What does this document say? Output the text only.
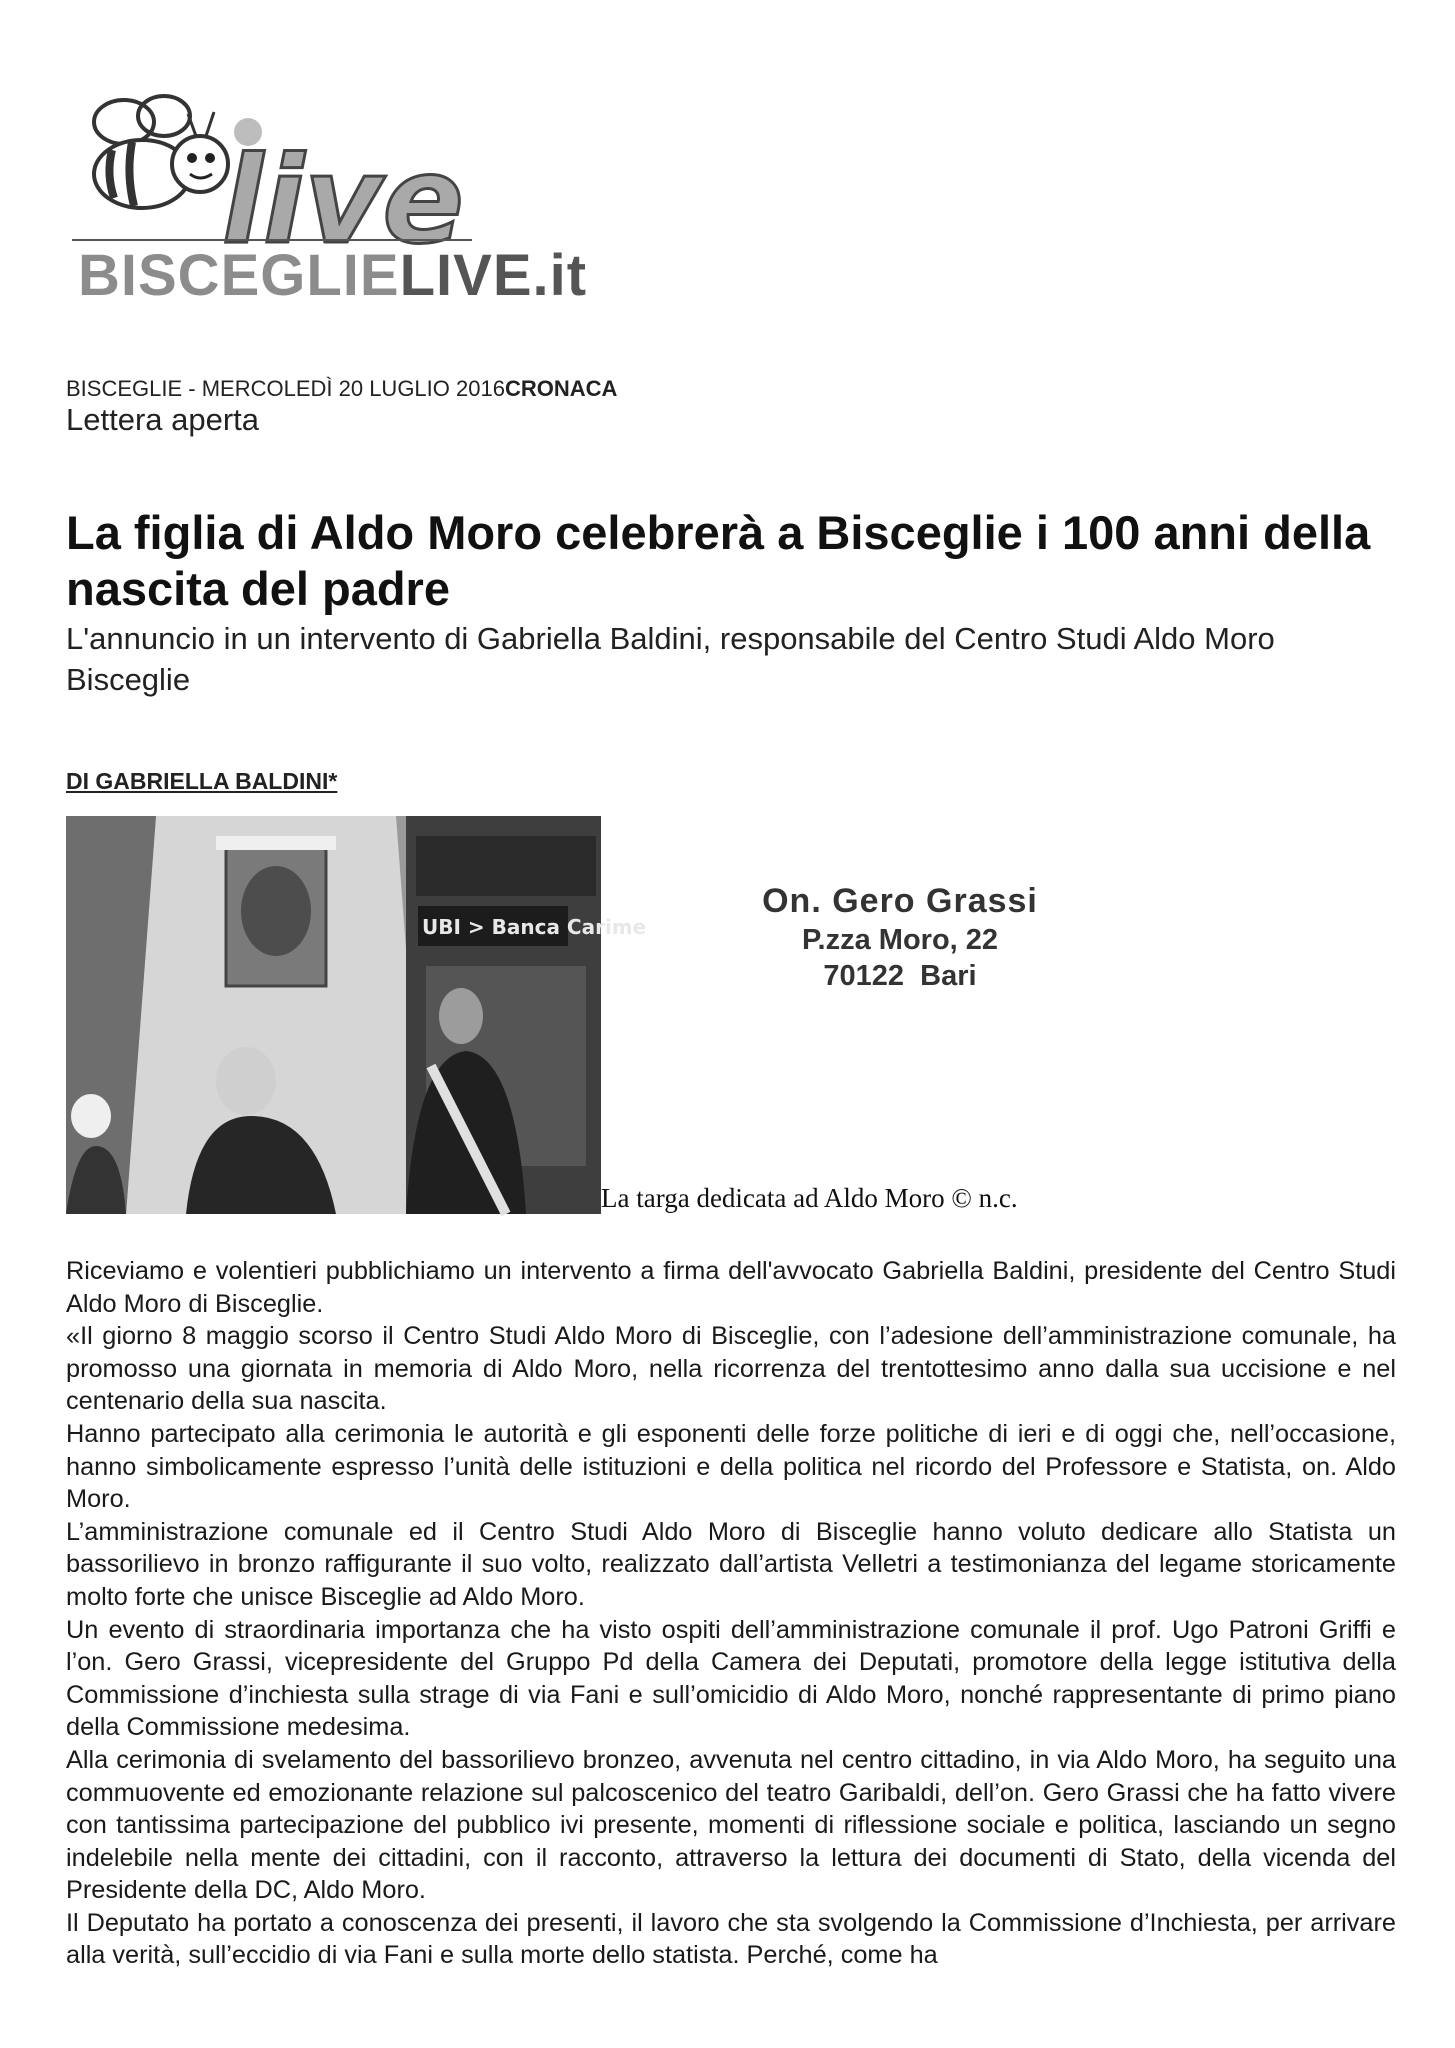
live
BISCEGLIELIVE.it
BISCEGLIE - MERCOLEDÌ 20 LUGLIO 2016CRONACA
Lettera aperta
La figlia di Aldo Moro celebrerà a Bisceglie i 100 anni della nascita del padre
L'annuncio in un intervento di Gabriella Baldini, responsabile del Centro Studi Aldo Moro Bisceglie
DI GABRIELLA BALDINI*
UBI > Banca Carime
La targa dedicata ad Aldo Moro © n.c.
On. Gero Grassi
P.zza Moro, 22
70122  Bari

Riceviamo e volentieri pubblichiamo un intervento a firma dell'avvocato Gabriella Baldini, presidente del Centro Studi Aldo Moro di Bisceglie.

«Il giorno 8 maggio scorso il Centro Studi Aldo Moro di Bisceglie, con l’adesione dell’amministrazione comunale, ha promosso una giornata in memoria di Aldo Moro, nella ricorrenza del trentottesimo anno dalla sua uccisione e nel centenario della sua nascita.

Hanno partecipato alla cerimonia le autorità e gli esponenti delle forze politiche di ieri e di oggi che, nell’occasione, hanno simbolicamente espresso l’unità delle istituzioni e della politica nel ricordo del Professore e Statista, on. Aldo Moro.

L’amministrazione comunale ed il Centro Studi Aldo Moro di Bisceglie hanno voluto dedicare allo Statista un bassorilievo in bronzo raffigurante il suo volto, realizzato dall’artista Velletri a testimonianza del legame storicamente molto forte che unisce Bisceglie ad Aldo Moro.

Un evento di straordinaria importanza che ha visto ospiti dell’amministrazione comunale il prof. Ugo Patroni Griffi e l’on. Gero Grassi, vicepresidente del Gruppo Pd della Camera dei Deputati, promotore della legge istitutiva della Commissione d’inchiesta sulla strage di via Fani e sull’omicidio di Aldo Moro, nonché rappresentante di primo piano della Commissione medesima.

Alla cerimonia di svelamento del bassorilievo bronzeo, avvenuta nel centro cittadino, in via Aldo Moro, ha seguito una commuovente ed emozionante relazione sul palcoscenico del teatro Garibaldi, dell’on. Gero Grassi che ha fatto vivere con tantissima partecipazione del pubblico ivi presente, momenti di riflessione sociale e politica, lasciando un segno indelebile nella mente dei cittadini, con il racconto, attraverso la lettura dei documenti di Stato, della vicenda del Presidente della DC, Aldo Moro.

Il Deputato ha portato a conoscenza dei presenti, il lavoro che sta svolgendo la Commissione d’Inchiesta, per arrivare alla verità, sull’eccidio di via Fani e sulla morte dello statista. Perché, come ha
